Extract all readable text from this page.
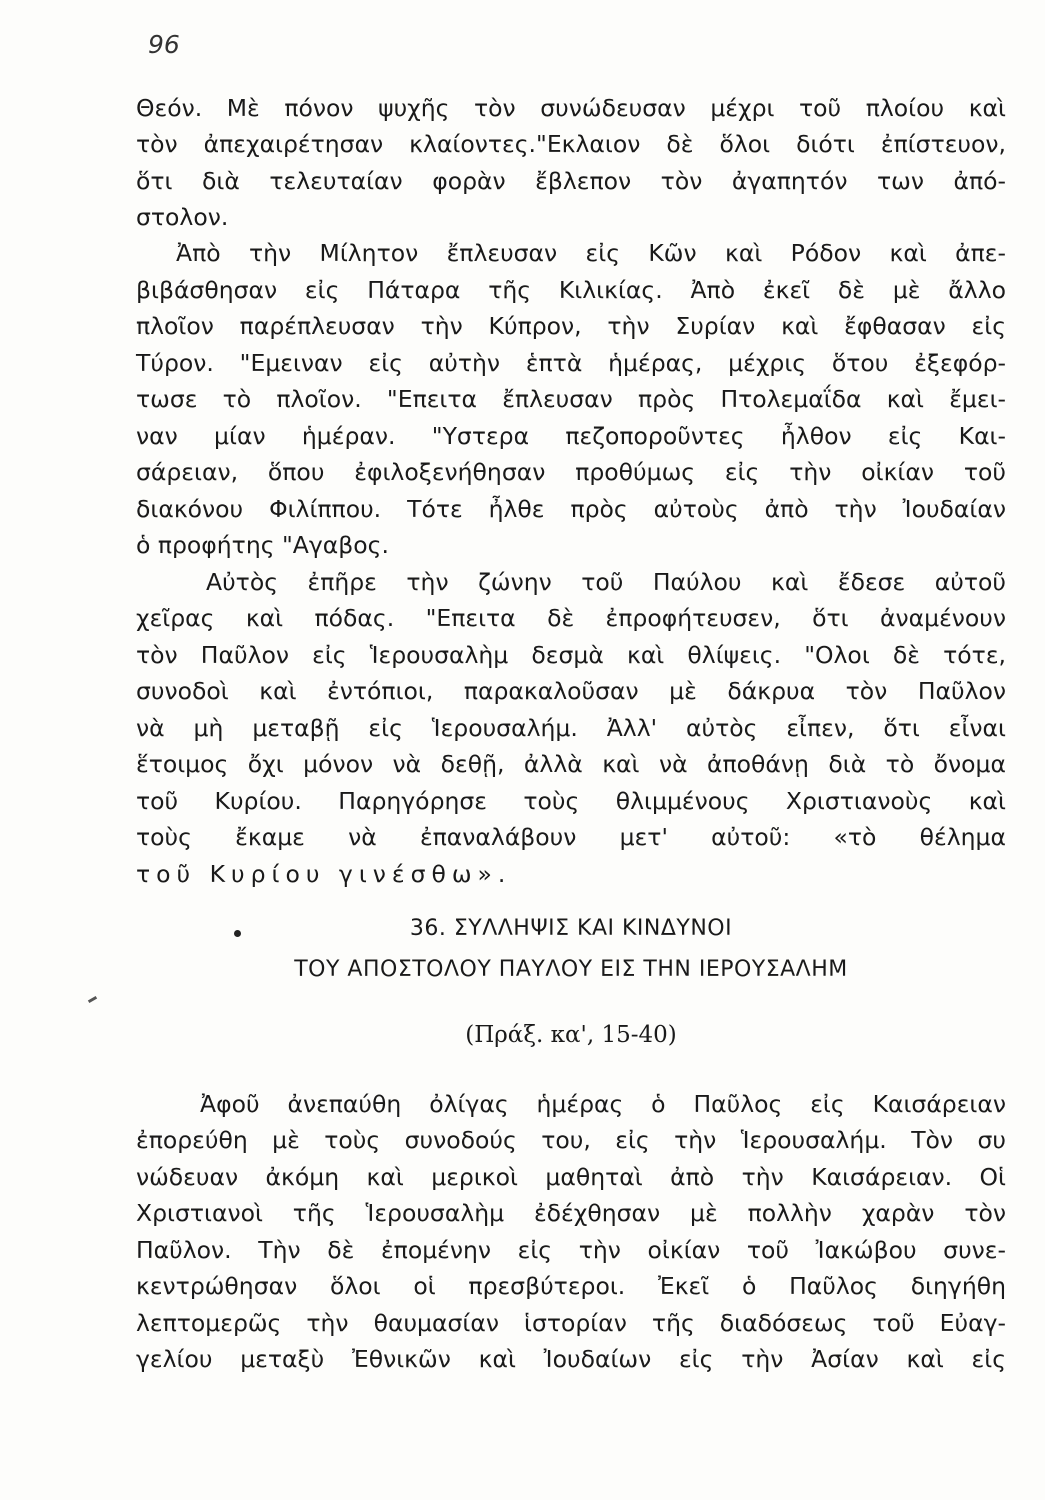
96
Θεόν. Μὲ πόνον ψυχῆς τὸν συνώδευσαν μέχρι τοῦ πλοίου καὶ
τὸν ἀπεχαιρέτησαν κλαίοντες."Εκλαιον δὲ ὅλοι διότι ἐπίστευον,
ὅτι διὰ τελευταίαν φορὰν ἔβλεπον τὸν ἀγαπητόν των ἀπό-
στολον.
Ἀπὸ τὴν Μίλητον ἔπλευσαν εἰς Κῶν καὶ Ρόδον καὶ ἀπε-
βιβάσθησαν εἰς Πάταρα τῆς Κιλικίας. Ἀπὸ ἐκεῖ δὲ μὲ ἄλλο
πλοῖον παρέπλευσαν τὴν Κύπρον, τὴν Συρίαν καὶ ἔφθασαν εἰς
Τύρον. "Εμειναν εἰς αὐτὴν ἑπτὰ ἡμέρας, μέχρις ὅτου ἐξεφόρ-
τωσε τὸ πλοῖον. "Επειτα ἔπλευσαν πρὸς Πτολεμαΐδα καὶ ἔμει-
ναν μίαν ἡμέραν. "Υστερα πεζοποροῦντες ἦλθον εἰς Και-
σάρειαν, ὅπου ἐφιλοξενήθησαν προθύμως εἰς τὴν οἰκίαν τοῦ
διακόνου Φιλίππου. Τότε ἦλθε πρὸς αὐτοὺς ἀπὸ τὴν Ἰουδαίαν
ὁ προφήτης "Αγαβος.
Αὐτὸς ἐπῆρε τὴν ζώνην τοῦ Παύλου καὶ ἔδεσε αὐτοῦ
χεῖρας καὶ πόδας. "Επειτα δὲ ἐπροφήτευσεν, ὅτι ἀναμένουν
τὸν Παῦλον εἰς Ἱερουσαλὴμ δεσμὰ καὶ θλίψεις. "Ολοι δὲ τότε,
συνοδοὶ καὶ ἐντόπιοι, παρακαλοῦσαν μὲ δάκρυα τὸν Παῦλον
νὰ μὴ μεταβῇ εἰς Ἱερουσαλήμ. Ἀλλ' αὐτὸς εἶπεν, ὅτι εἶναι
ἕτοιμος ὄχι μόνον νὰ δεθῇ, ἀλλὰ καὶ νὰ ἀποθάνῃ διὰ τὸ ὄνομα
τοῦ Κυρίου. Παρηγόρησε τοὺς θλιμμένους Χριστιανοὺς καὶ
τοὺς ἔκαμε νὰ ἐπαναλάβουν μετ' αὐτοῦ: «τὸ θέλημα
τοῦ Κυρίου γινέσθω».
36. ΣΥΛΛΗΨΙΣ ΚΑΙ ΚΙΝΔΥΝΟΙ
ΤΟΥ ΑΠΟΣΤΟΛΟΥ ΠΑΥΛΟΥ ΕΙΣ ΤΗΝ ΙΕΡΟΥΣΑΛΗΜ
(Πράξ. κα', 15-40)
Ἀφοῦ ἀνεπαύθη ὀλίγας ἡμέρας ὁ Παῦλος εἰς Καισάρειαν
ἐπορεύθη μὲ τοὺς συνοδούς του, εἰς τὴν Ἱερουσαλήμ. Τὸν συ
νώδευαν ἀκόμη καὶ μερικοὶ μαθηταὶ ἀπὸ τὴν Καισάρειαν. Οἱ
Χριστιανοὶ τῆς Ἱερουσαλὴμ ἐδέχθησαν μὲ πολλὴν χαρὰν τὸν
Παῦλον. Τὴν δὲ ἐπομένην εἰς τὴν οἰκίαν τοῦ Ἰακώβου συνε-
κεντρώθησαν ὅλοι οἱ πρεσβύτεροι. Ἐκεῖ ὁ Παῦλος διηγήθη
λεπτομερῶς τὴν θαυμασίαν ἱστορίαν τῆς διαδόσεως τοῦ Εὐαγ-
γελίου μεταξὺ Ἐθνικῶν καὶ Ἰουδαίων εἰς τὴν Ἀσίαν καὶ εἰς
